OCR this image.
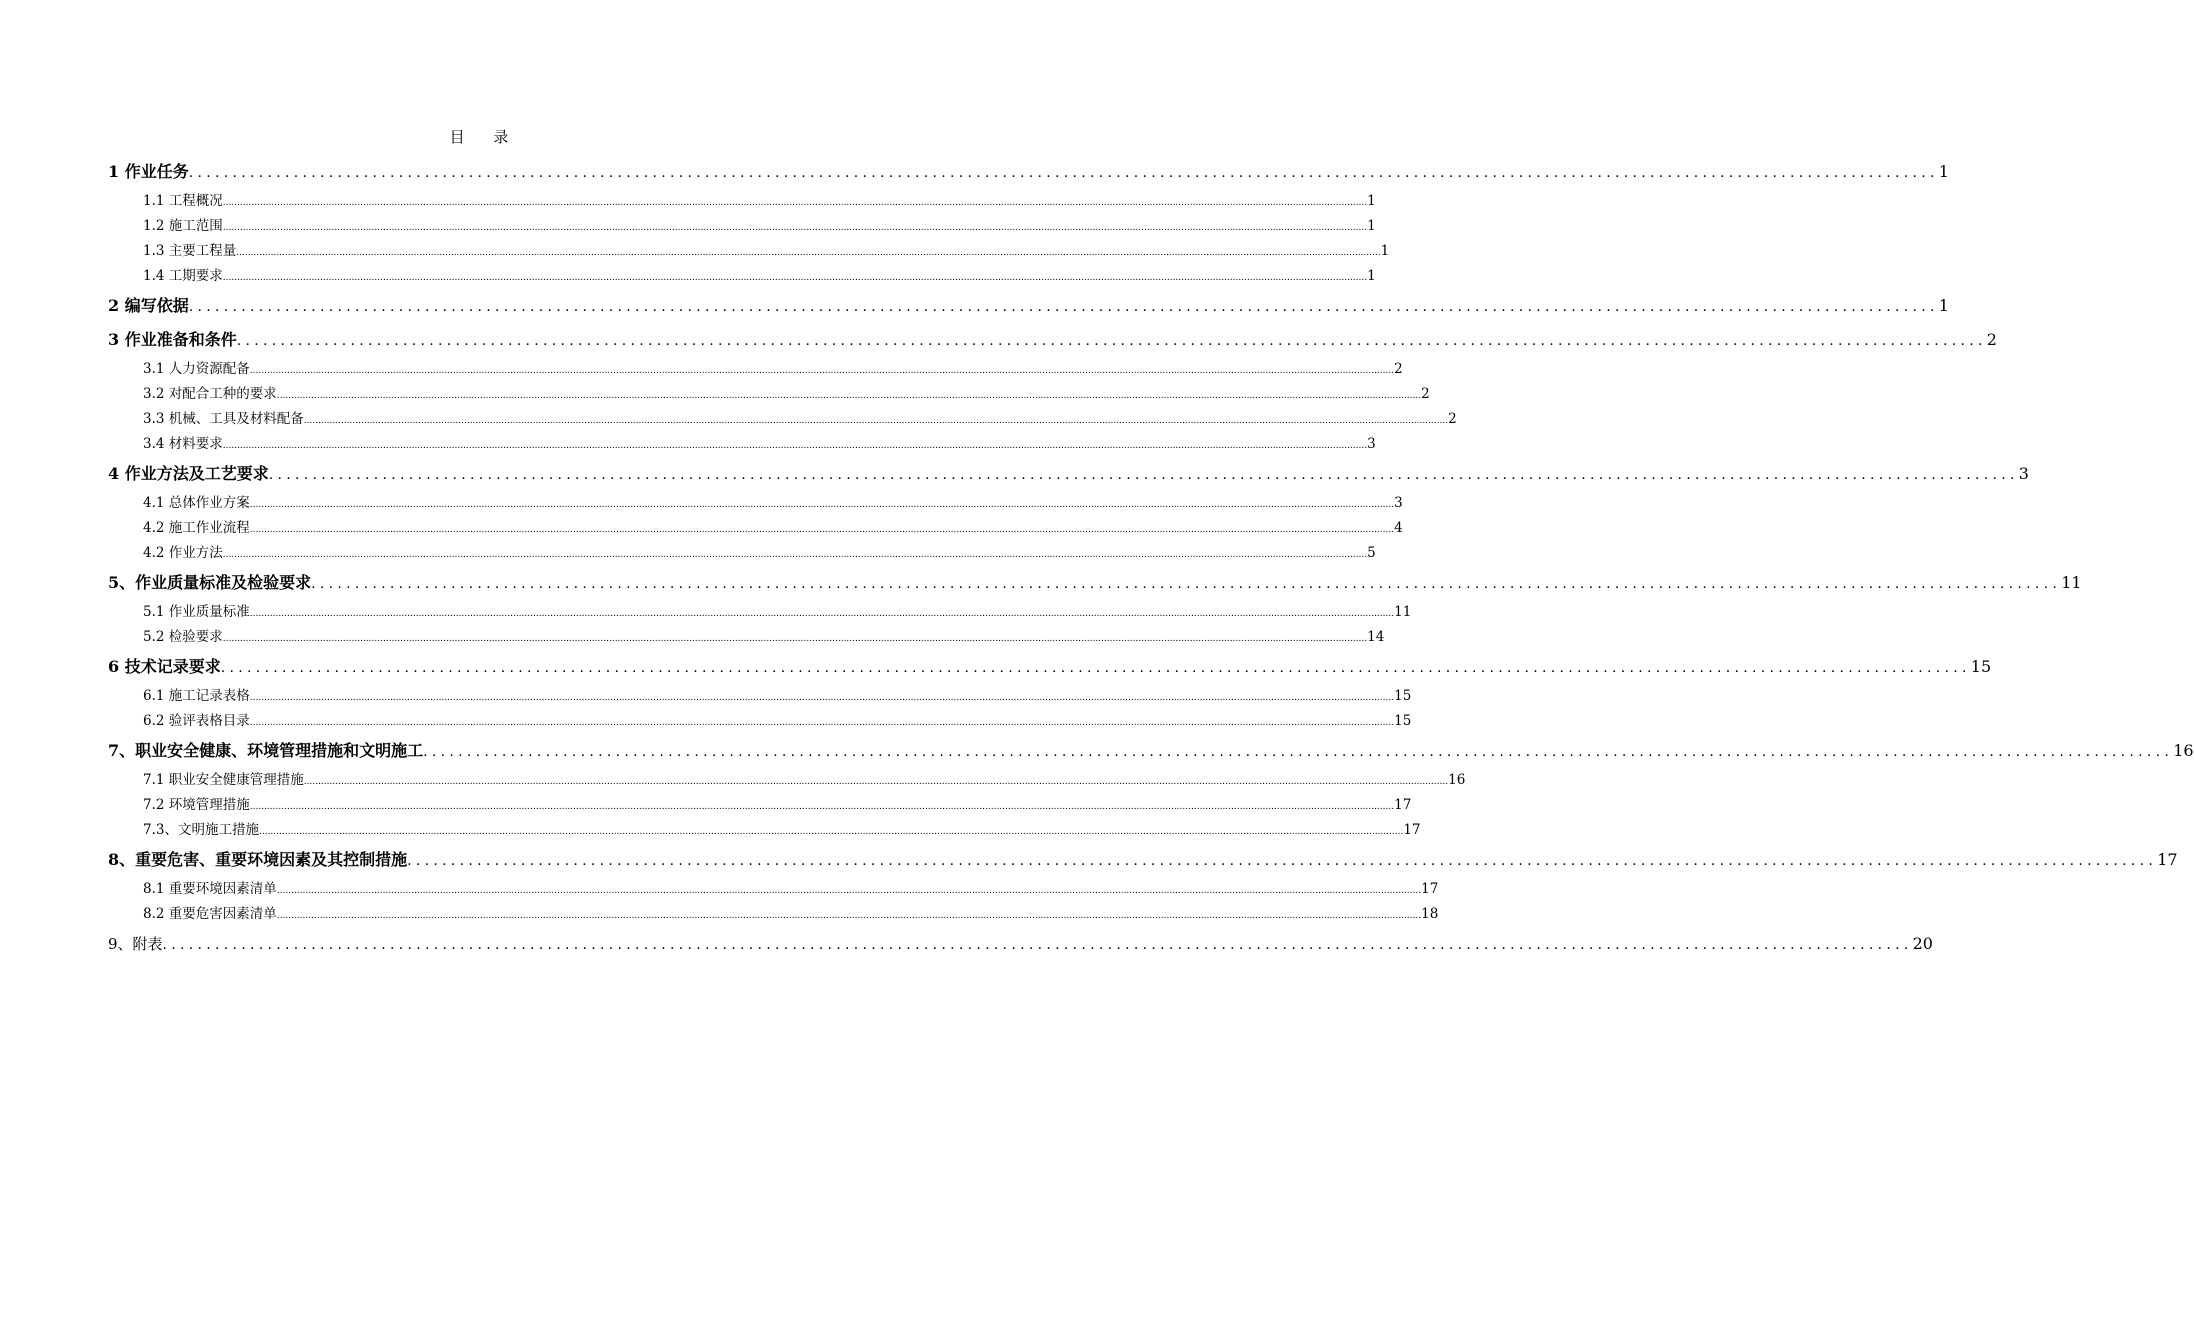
目 录
1 作业任务 ........................................................................................................................................................................................................ 1
1.1 工程概况 ................................................................................................................................................................................................................................................................................................................................................................................................................ 1
1.2 施工范围 ................................................................................................................................................................................................................................................................................................................................................................................................................ 1
1.3 主要工程量 ................................................................................................................................................................................................................................................................................................................................................................................................................ 1
1.4 工期要求 ................................................................................................................................................................................................................................................................................................................................................................................................................ 1
2 编写依据 ........................................................................................................................................................................................................ 1
3 作业准备和条件 ........................................................................................................................................................................................................ 2
3.1 人力资源配备 ................................................................................................................................................................................................................................................................................................................................................................................................................ 2
3.2 对配合工种的要求 ................................................................................................................................................................................................................................................................................................................................................................................................................ 2
3.3 机械、工具及材料配备 ................................................................................................................................................................................................................................................................................................................................................................................................................ 2
3.4 材料要求 ................................................................................................................................................................................................................................................................................................................................................................................................................ 3
4 作业方法及工艺要求 ........................................................................................................................................................................................................ 3
4.1 总体作业方案 ................................................................................................................................................................................................................................................................................................................................................................................................................ 3
4.2 施工作业流程 ................................................................................................................................................................................................................................................................................................................................................................................................................ 4
4.2 作业方法 ................................................................................................................................................................................................................................................................................................................................................................................................................ 5
5、作业质量标准及检验要求 ........................................................................................................................................................................................................ 11
5.1 作业质量标准 ................................................................................................................................................................................................................................................................................................................................................................................................................ 11
5.2 检验要求 ................................................................................................................................................................................................................................................................................................................................................................................................................ 14
6 技术记录要求 ........................................................................................................................................................................................................ 15
6.1 施工记录表格 ................................................................................................................................................................................................................................................................................................................................................................................................................ 15
6.2 验评表格目录 ................................................................................................................................................................................................................................................................................................................................................................................................................ 15
7、职业安全健康、环境管理措施和文明施工 ........................................................................................................................................................................................................ 16
7.1 职业安全健康管理措施 ................................................................................................................................................................................................................................................................................................................................................................................................................ 16
7.2 环境管理措施 ................................................................................................................................................................................................................................................................................................................................................................................................................ 17
7.3、文明施工措施 ................................................................................................................................................................................................................................................................................................................................................................................................................ 17
8、重要危害、重要环境因素及其控制措施 ........................................................................................................................................................................................................ 17
8.1 重要环境因素清单 ................................................................................................................................................................................................................................................................................................................................................................................................................ 17
8.2 重要危害因素清单 ................................................................................................................................................................................................................................................................................................................................................................................................................ 18
9、附表 ........................................................................................................................................................................................................ 20
